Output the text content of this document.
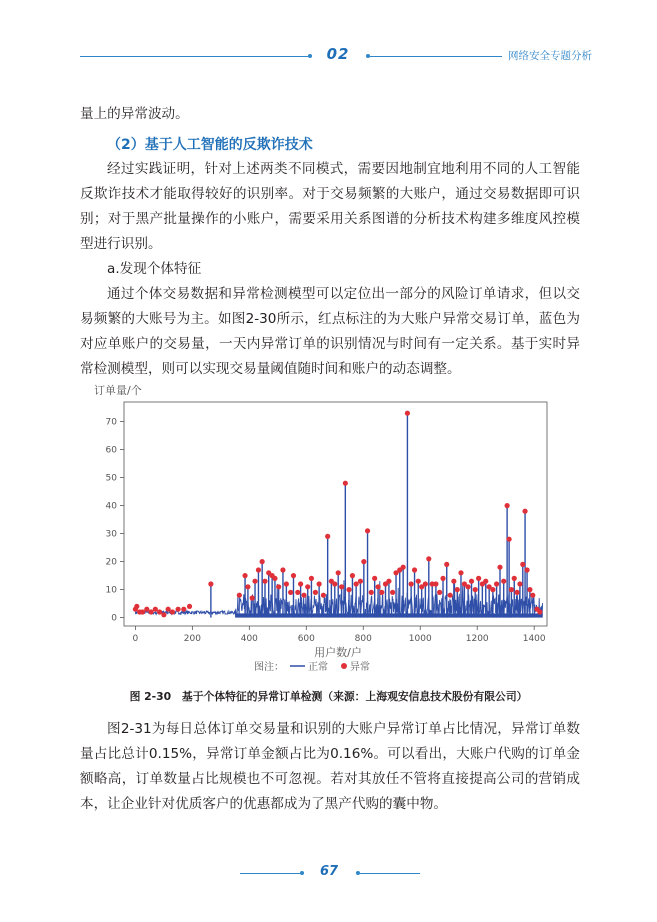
02	网络安全专题分析

量上的异常波动。

（2）基于人工智能的反欺诈技术

经过实践证明，针对上述两类不同模式，需要因地制宜地利用不同的人工智能反欺诈技术才能取得较好的识别率。对于交易频繁的大账户，通过交易数据即可识别；对于黑产批量操作的小账户，需要采用关系图谱的分析技术构建多维度风控模型进行识别。

a.发现个体特征

通过个体交易数据和异常检测模型可以定位出一部分的风险订单请求，但以交易频繁的大账号为主。如图2-30所示，红点标注的为大账户异常交易订单，蓝色为对应单账户的交易量，一天内异常订单的识别情况与时间有一定关系。基于实时异常检测模型，则可以实现交易量阈值随时间和账户的动态调整。

0	200	400	600	800	1000	1200	1400
0
10
20
30
40
50
60
70
订单量/个
用户数/户
图注： 正常 异常

图 2-30　基于个体特征的异常订单检测（来源：上海观安信息技术股份有限公司）

图2-31为每日总体订单交易量和识别的大账户异常订单占比情况，异常订单数量占比总计0.15%，异常订单金额占比为0.16%。可以看出，大账户代购的订单金额略高，订单数量占比规模也不可忽视。若对其放任不管将直接提高公司的营销成本，让企业针对优质客户的优惠都成为了黑产代购的囊中物。

67
